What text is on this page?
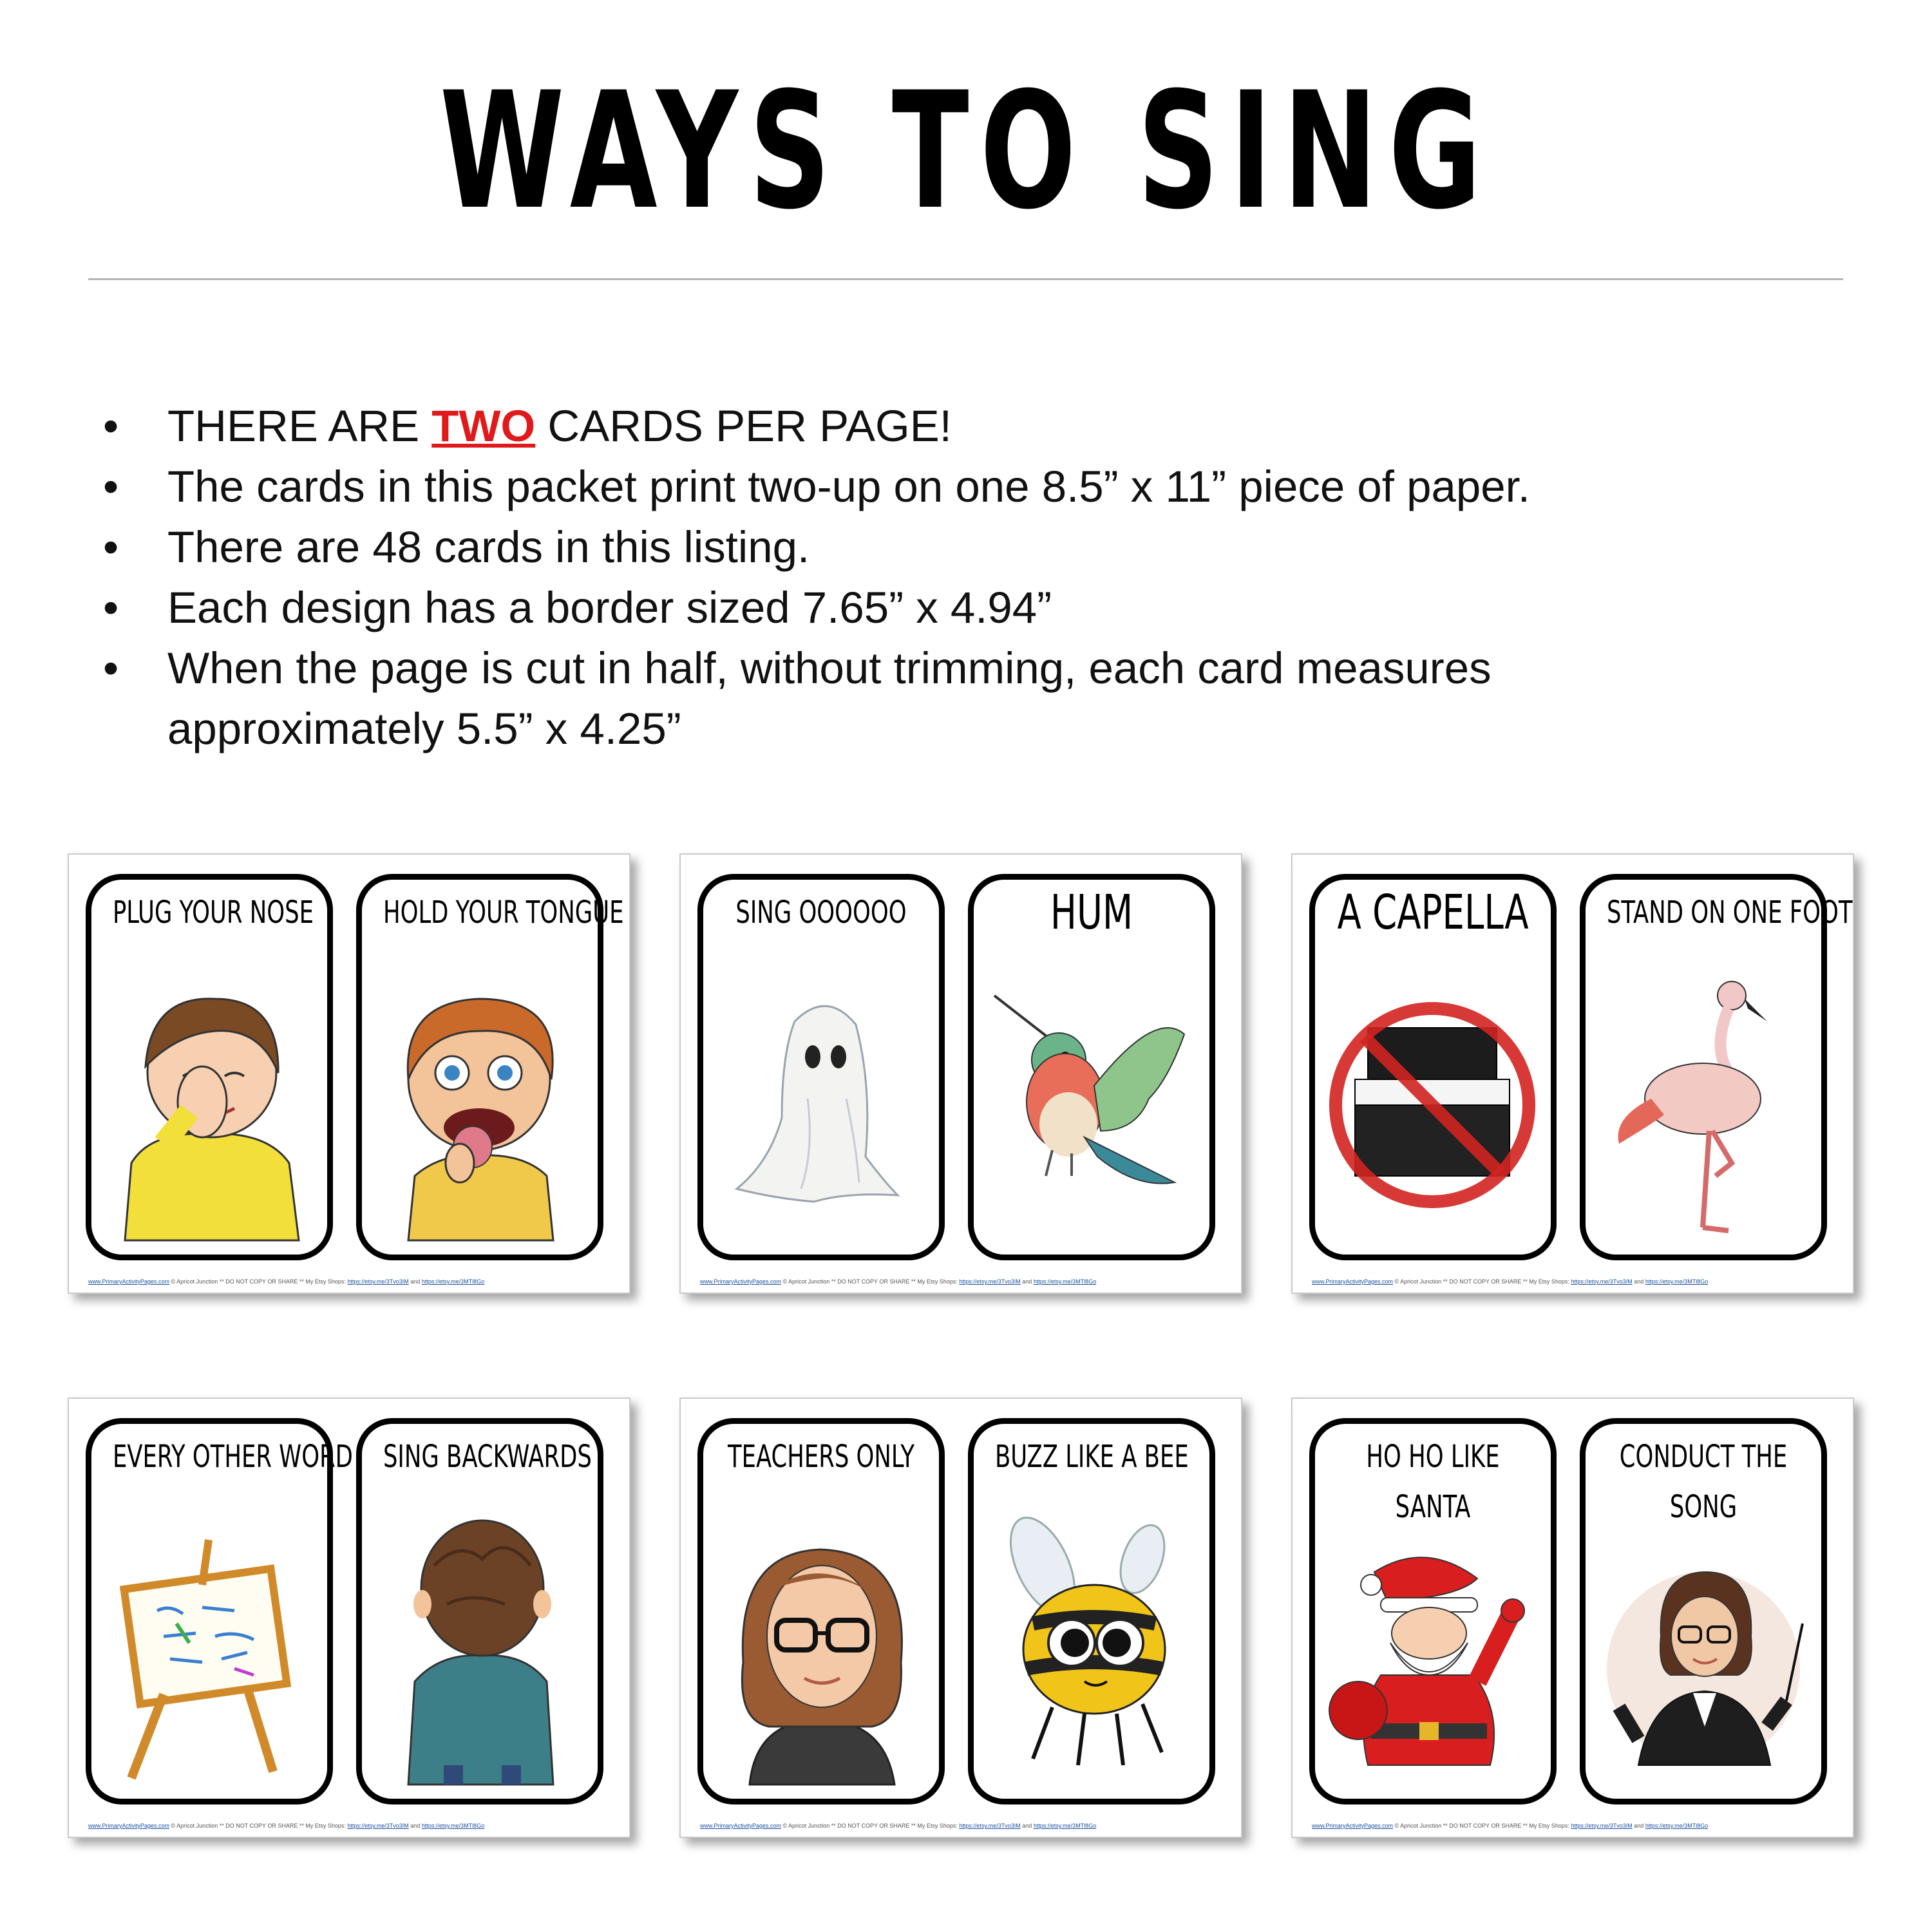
WAYS TO SING
• THERE ARE TWO CARDS PER PAGE!
• The cards in this packet print two-up on one 8.5” x 11” piece of paper.
• There are 48 cards in this listing.
• Each design has a border sized 7.65” x 4.94”
• When the page is cut in half, without trimming, each card measures
approximately 5.5” x 4.25”
PLUG YOUR NOSE HOLD YOUR TONGUE
www.PrimaryActivityPages.com © Apricot Junction ** DO NOT COPY OR SHARE ** My Etsy Shops: https://etsy.me/3Tvo3IM and https://etsy.me/3MTl8Go
SING OOOOOO	HUM
www.PrimaryActivityPages.com © Apricot Junction ** DO NOT COPY OR SHARE ** My Etsy Shops: https://etsy.me/3Tvo3IM and https://etsy.me/3MTl8Go
A CAPELLA	STAND ON ONE FOOT
www.PrimaryActivityPages.com © Apricot Junction ** DO NOT COPY OR SHARE ** My Etsy Shops: https://etsy.me/3Tvo3IM and https://etsy.me/3MTl8Go
EVERY OTHER WORD SING BACKWARDS
www.PrimaryActivityPages.com © Apricot Junction ** DO NOT COPY OR SHARE ** My Etsy Shops: https://etsy.me/3Tvo3IM and https://etsy.me/3MTl8Go
TEACHERS ONLY	BUZZ LIKE A BEE
www.PrimaryActivityPages.com © Apricot Junction ** DO NOT COPY OR SHARE ** My Etsy Shops: https://etsy.me/3Tvo3IM and https://etsy.me/3MTl8Go
HO HO LIKE SANTA
CONDUCT THE SONG
www.PrimaryActivityPages.com © Apricot Junction ** DO NOT COPY OR SHARE ** My Etsy Shops: https://etsy.me/3Tvo3IM and https://etsy.me/3MTl8Go
